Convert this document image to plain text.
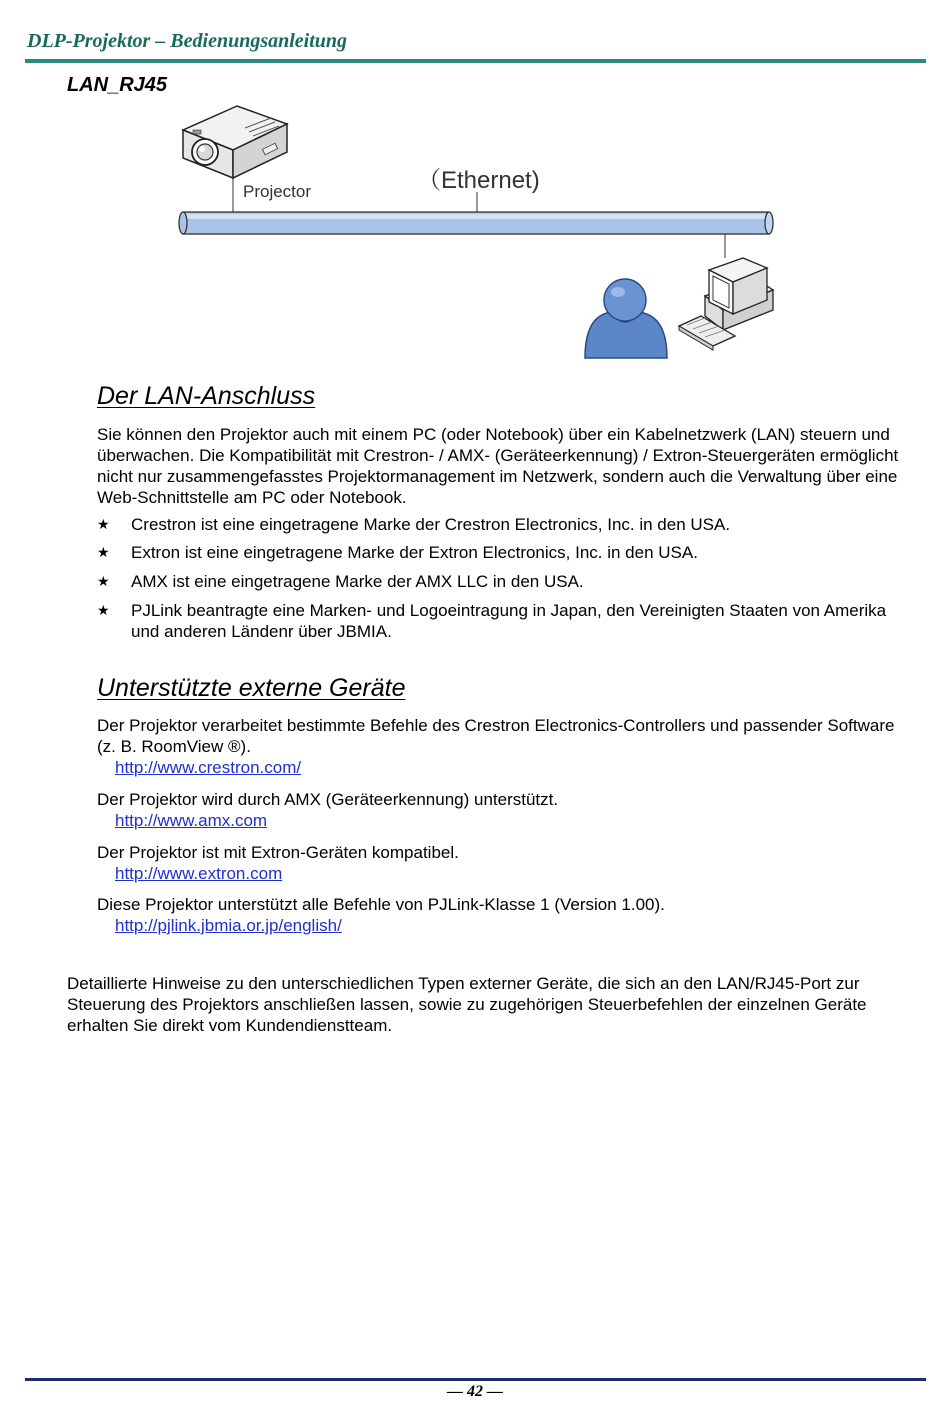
DLP-Projektor – Bedienungsanleitung
LAN_RJ45
Projector	（Ethernet)
Der LAN-Anschluss

Sie können den Projektor auch mit einem PC (oder Notebook) über ein Kabelnetzwerk (LAN) steuern und überwachen. Die Kompatibilität mit Crestron- / AMX- (Geräteerkennung) / Extron-Steuergeräten ermöglicht nicht nur zusammengefasstes Projektormanagement im Netzwerk, sondern auch die Verwaltung über eine Web-Schnittstelle am PC oder Notebook.

★ Crestron ist eine eingetragene Marke der Crestron Electronics, Inc. in den USA.
★ Extron ist eine eingetragene Marke der Extron Electronics, Inc. in den USA.
★ AMX ist eine eingetragene Marke der AMX LLC in den USA.
★ PJLink beantragte eine Marken- und Logoeintragung in Japan, den Vereinigten Staaten von Amerika und anderen Ländenr über JBMIA.
Unterstützte externe Geräte

Der Projektor verarbeitet bestimmte Befehle des Crestron Electronics-Controllers und passender Software (z. B. RoomView ®).

http://www.crestron.com/

Der Projektor wird durch AMX (Geräteerkennung) unterstützt.

http://www.amx.com

Der Projektor ist mit Extron-Geräten kompatibel.

http://www.extron.com

Diese Projektor unterstützt alle Befehle von PJLink-Klasse 1 (Version 1.00).

http://pjlink.jbmia.or.jp/english/

Detaillierte Hinweise zu den unterschiedlichen Typen externer Geräte, die sich an den LAN/RJ45-Port zur Steuerung des Projektors anschließen lassen, sowie zu zugehörigen Steuerbefehlen der einzelnen Geräte erhalten Sie direkt vom Kundendienstteam.

— 42 —
